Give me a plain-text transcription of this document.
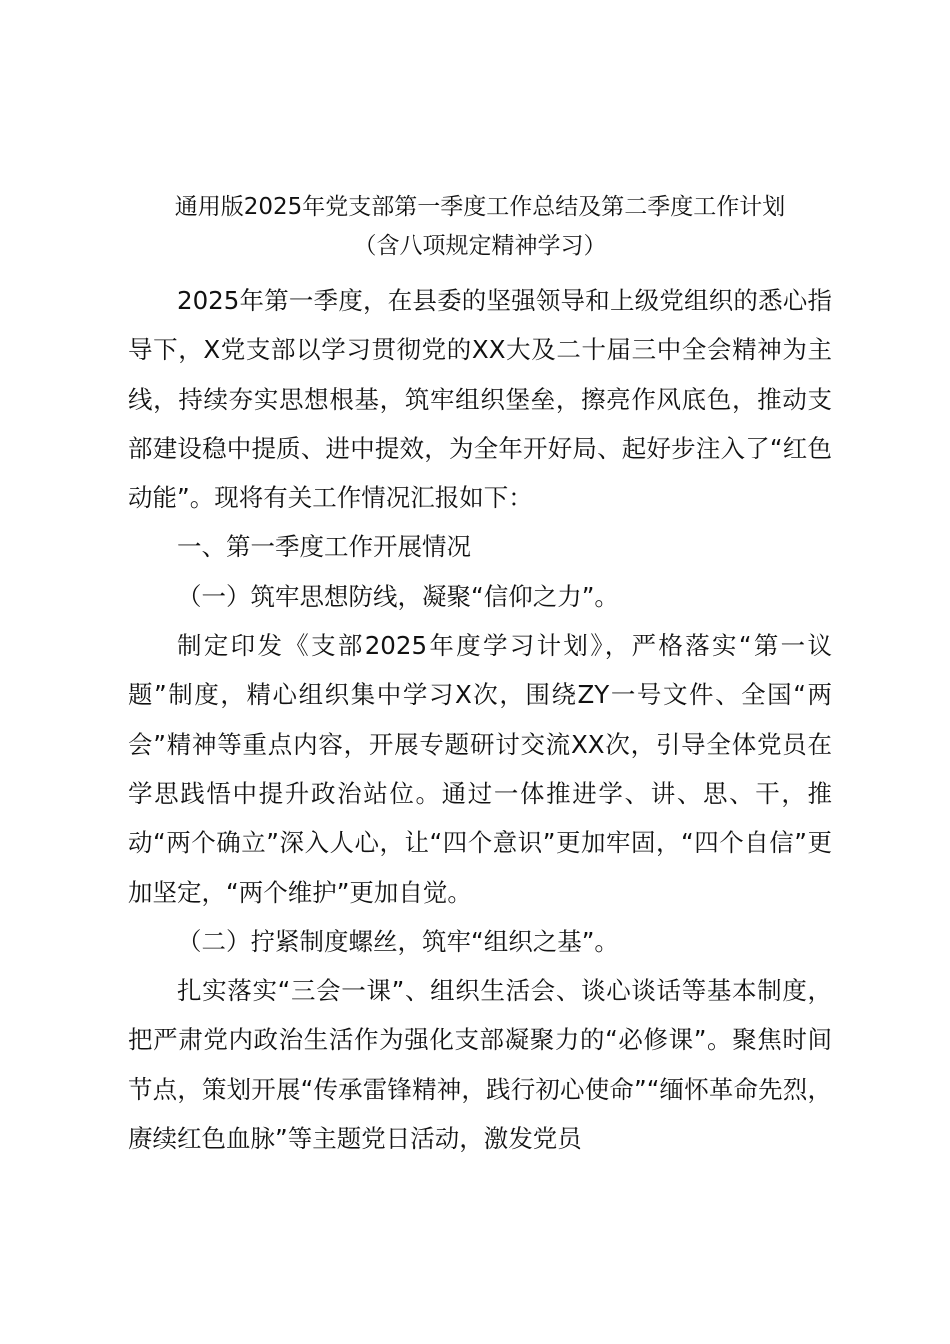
通用版2025年党支部第一季度工作总结及第二季度工作计划
（含八项规定精神学习）

2025年第一季度，在县委的坚强领导和上级党组织的悉心指导下，X党支部以学习贯彻党的XX大及二十届三中全会精神为主线，持续夯实思想根基，筑牢组织堡垒，擦亮作风底色，推动支部建设稳中提质、进中提效，为全年开好局、起好步注入了“红色动能”。现将有关工作情况汇报如下：

一、第一季度工作开展情况

（一）筑牢思想防线，凝聚“信仰之力”。

制定印发《支部2025年度学习计划》，严格落实“第一议题”制度，精心组织集中学习X次，围绕ZY一号文件、全国“两会”精神等重点内容，开展专题研讨交流XX次，引导全体党员在学思践悟中提升政治站位。通过一体推进学、讲、思、干，推动“两个确立”深入人心，让“四个意识”更加牢固，“四个自信”更加坚定，“两个维护”更加自觉。

（二）拧紧制度螺丝，筑牢“组织之基”。

扎实落实“三会一课”、组织生活会、谈心谈话等基本制度，把严肃党内政治生活作为强化支部凝聚力的“必修课”。聚焦时间节点，策划开展“传承雷锋精神，践行初心使命”“缅怀革命先烈，赓续红色血脉”等主题党日活动，激发党员
